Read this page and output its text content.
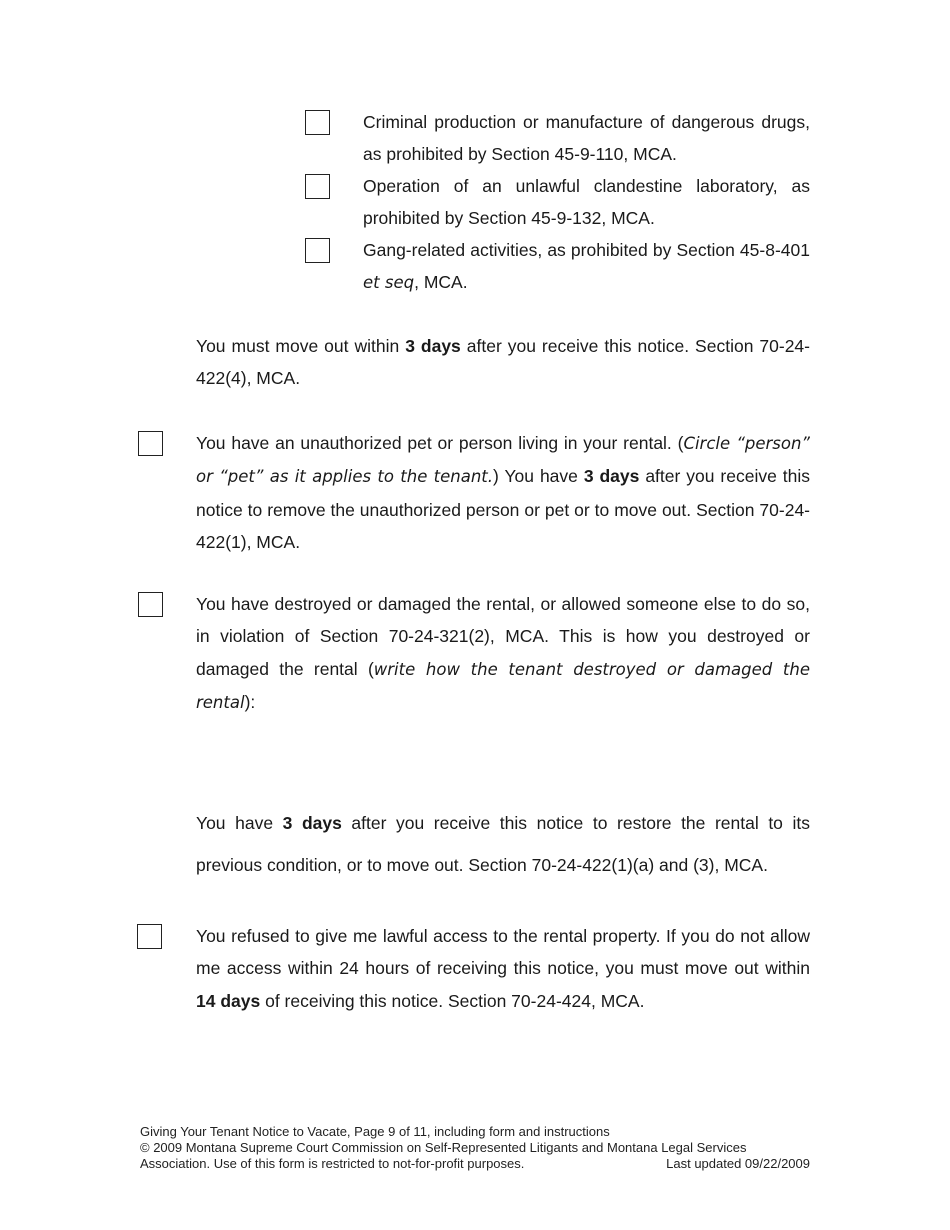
Criminal production or manufacture of dangerous drugs, as prohibited by Section 45-9-110, MCA.

Operation of an unlawful clandestine laboratory, as prohibited by Section 45-9-132, MCA.

Gang-related activities, as prohibited by Section 45-8-401 et seq, MCA.

You must move out within 3 days after you receive this notice. Section 70-24-422(4), MCA.

You have an unauthorized pet or person living in your rental. (Circle “person” or “pet” as it applies to the tenant.) You have 3 days after you receive this notice to remove the unauthorized person or pet or to move out. Section 70-24-422(1), MCA.

You have destroyed or damaged the rental, or allowed someone else to do so, in violation of Section 70-24-321(2), MCA. This is how you destroyed or damaged the rental (write how the tenant destroyed or damaged the rental):

You have 3 days after you receive this notice to restore the rental to its previous condition, or to move out. Section 70-24-422(1)(a) and (3), MCA.

You refused to give me lawful access to the rental property. If you do not allow me access within 24 hours of receiving this notice, you must move out within 14 days of receiving this notice. Section 70-24-424, MCA.

Giving Your Tenant Notice to Vacate, Page 9 of 11, including form and instructions
© 2009 Montana Supreme Court Commission on Self-Represented Litigants and Montana Legal Services
Association. Use of this form is restricted to not-for-profit purposes.	Last updated 09/22/2009
